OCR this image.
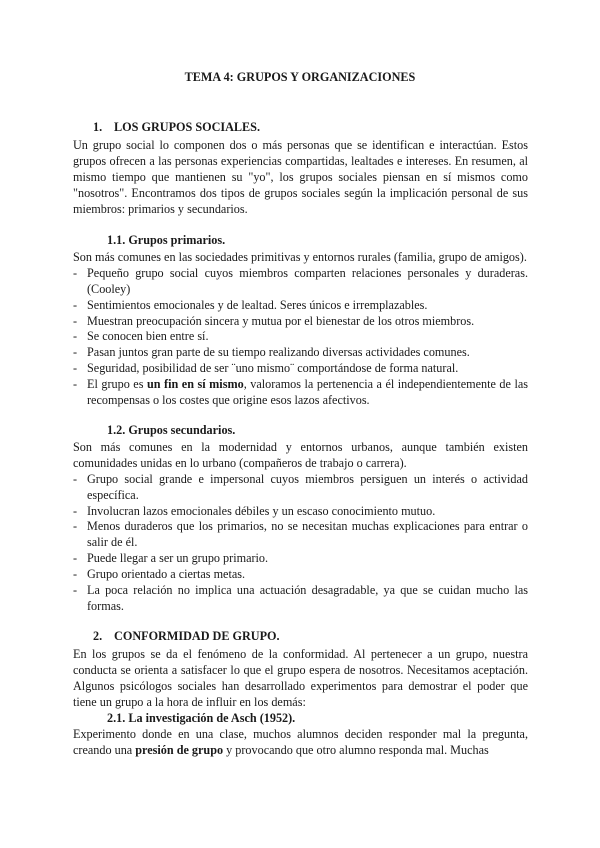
TEMA 4: GRUPOS Y ORGANIZACIONES
1. LOS GRUPOS SOCIALES.

Un grupo social lo componen dos o más personas que se identifican e interactúan. Estos grupos ofrecen a las personas experiencias compartidas, lealtades e intereses. En resumen, al mismo tiempo que mantienen su "yo", los grupos sociales piensan en sí mismos como "nosotros". Encontramos dos tipos de grupos sociales según la implicación personal de sus miembros: primarios y secundarios.

1.1. Grupos primarios.

Son más comunes en las sociedades primitivas y entornos rurales (familia, grupo de amigos).

- Pequeño grupo social cuyos miembros comparten relaciones personales y duraderas. (Cooley)
- Sentimientos emocionales y de lealtad. Seres únicos e irremplazables.
- Muestran preocupación sincera y mutua por el bienestar de los otros miembros.
- Se conocen bien entre sí.
- Pasan juntos gran parte de su tiempo realizando diversas actividades comunes.
- Seguridad, posibilidad de ser ¨uno mismo¨ comportándose de forma natural.
- El grupo es un fin en sí mismo, valoramos la pertenencia a él independientemente de las recompensas o los costes que origine esos lazos afectivos.
1.2. Grupos secundarios.

Son más comunes en la modernidad y entornos urbanos, aunque también existen comunidades unidas en lo urbano (compañeros de trabajo o carrera).

- Grupo social grande e impersonal cuyos miembros persiguen un interés o actividad específica.
- Involucran lazos emocionales débiles y un escaso conocimiento mutuo.
- Menos duraderos que los primarios, no se necesitan muchas explicaciones para entrar o salir de él.
- Puede llegar a ser un grupo primario.
- Grupo orientado a ciertas metas.
- La poca relación no implica una actuación desagradable, ya que se cuidan mucho las formas.
2. CONFORMIDAD DE GRUPO.

En los grupos se da el fenómeno de la conformidad. Al pertenecer a un grupo, nuestra conducta se orienta a satisfacer lo que el grupo espera de nosotros. Necesitamos aceptación. Algunos psicólogos sociales han desarrollado experimentos para demostrar el poder que tiene un grupo a la hora de influir en los demás:

2.1. La investigación de Asch (1952).

Experimento donde en una clase, muchos alumnos deciden responder mal la pregunta, creando una presión de grupo y provocando que otro alumno responda mal. Muchas
